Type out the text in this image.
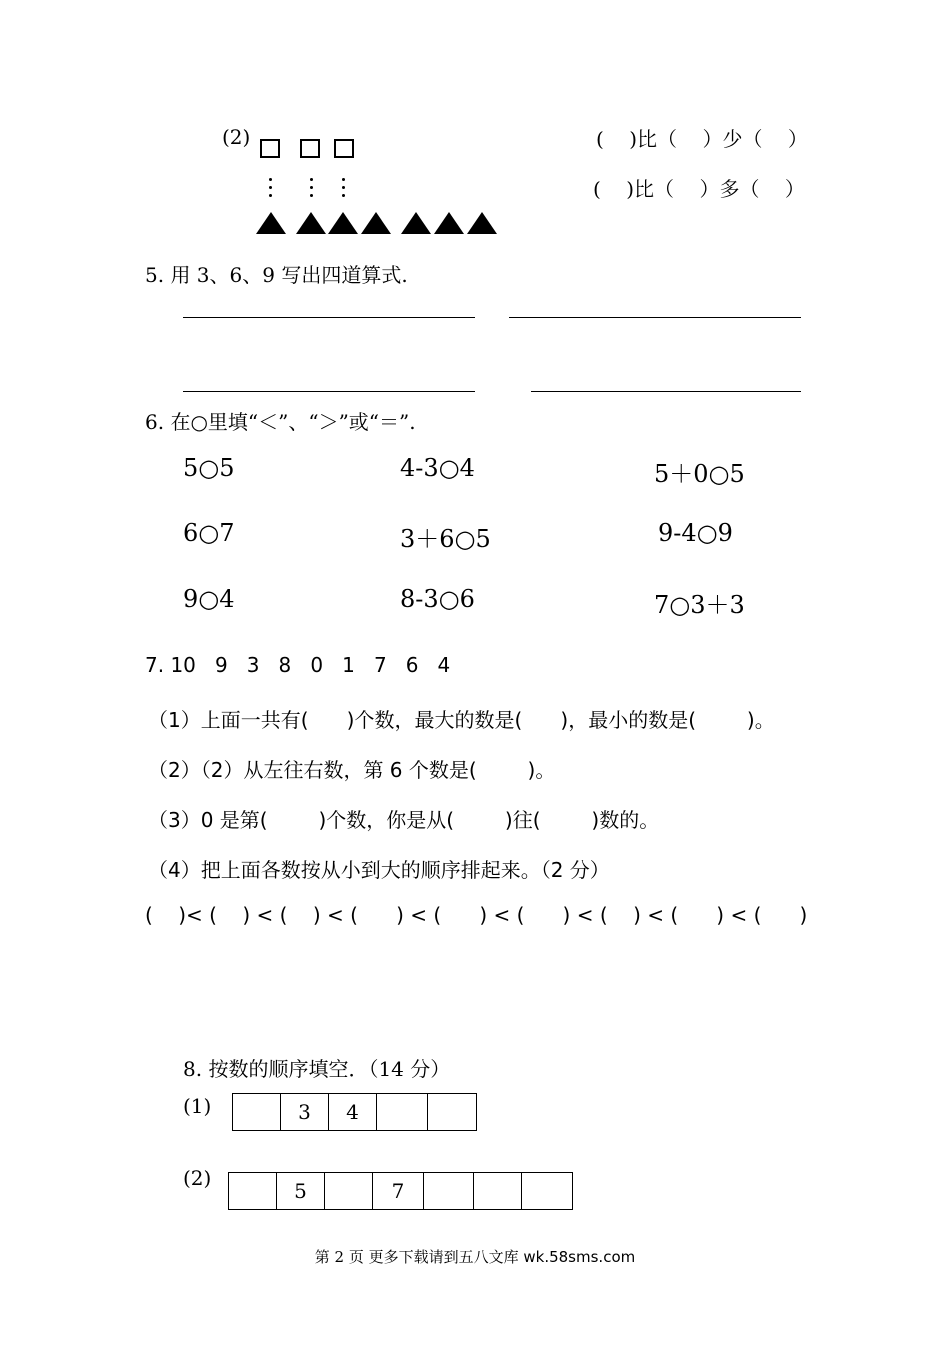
(2)	(    )比（    ）少（    ）
(    )比（    ）多（    ）
5. 用 3、6、9 写出四道算式.
6. 在○里填“＜”、“＞”或“＝”.
5○5	4-3○4	5＋0○5
6○7	3＋6○5	9-4○9
9○4	8-3○6	7○3＋3
7. 10   9   3   8   0   1   7   6   4
（1）上面一共有(      )个数，最大的数是(      )，最小的数是(        )。
（2）（2）从左往右数，第 6 个数是(        )。
（3）0 是第(        )个数，你是从(        )往(        )数的。
（4）把上面各数按从小到大的顺序排起来。（2 分）
(    )< (    ) < (    ) < (      ) < (      ) < (      ) < (    ) < (      ) < (      )
8. 按数的顺序填空．（14 分）
(1)
		3	4		
(2)
	5		7			
第 2 页 更多下载请到五八文库 wk.58sms.com
